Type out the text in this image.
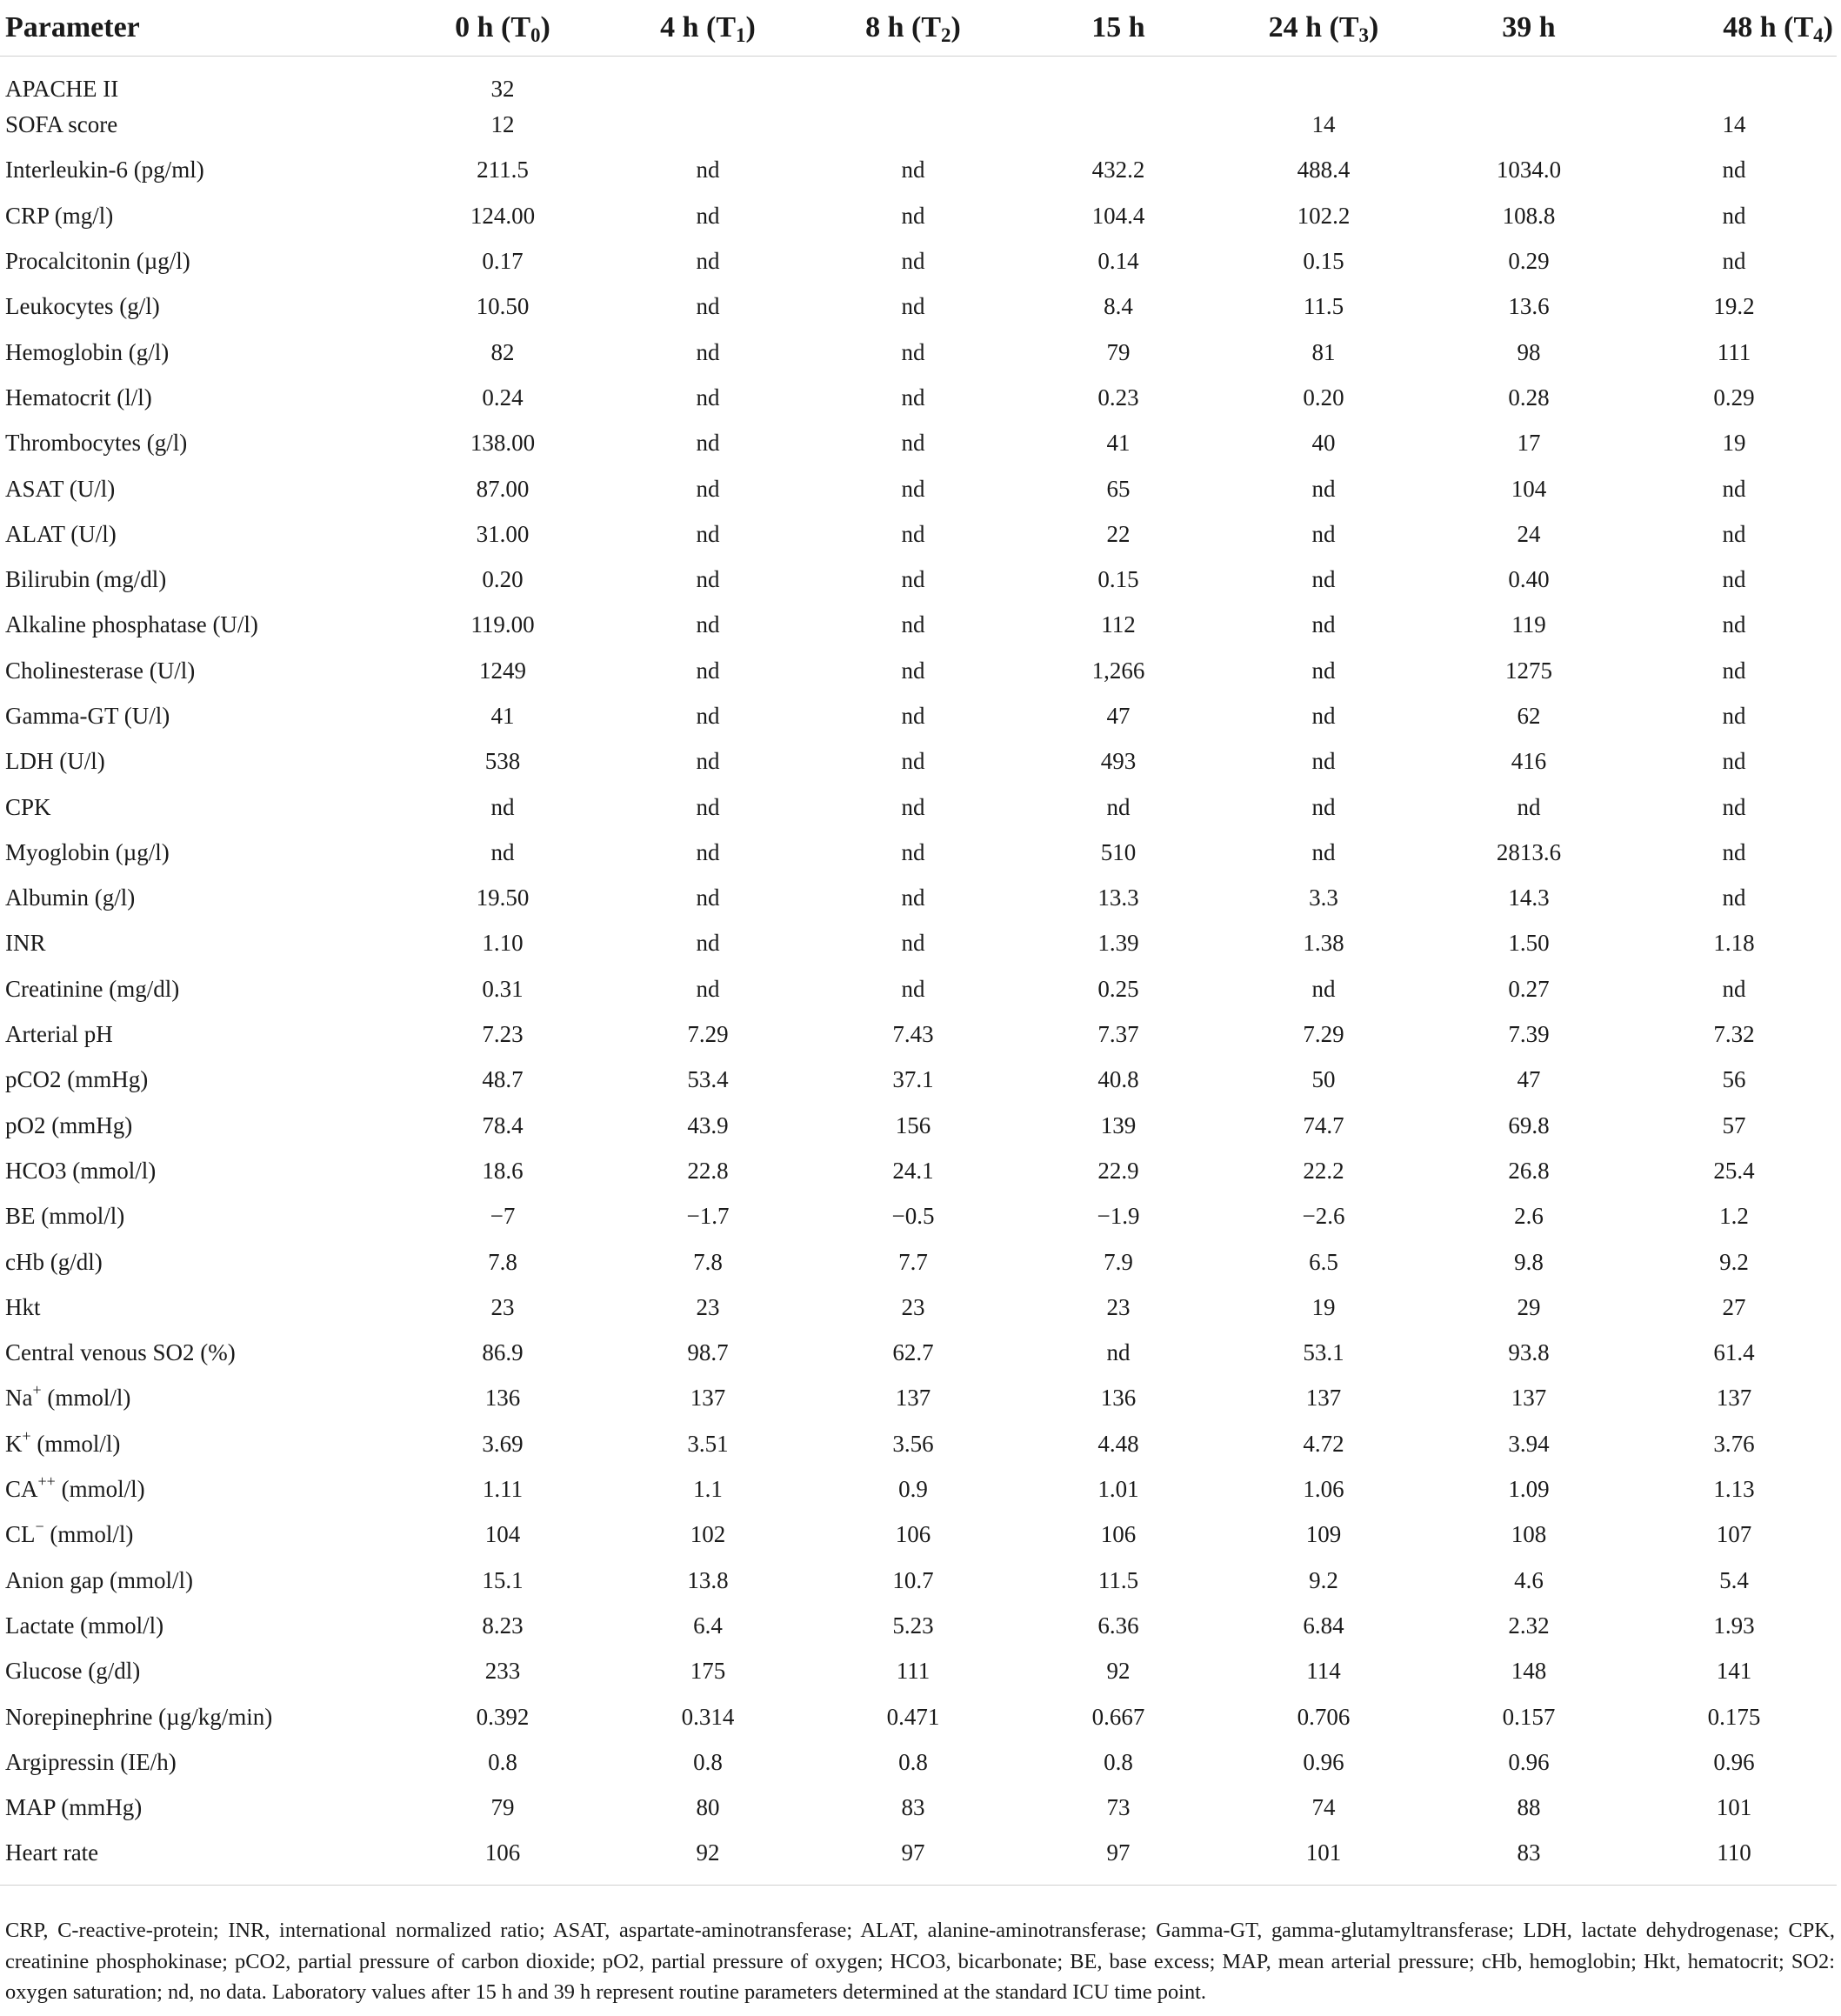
Parameter	0 h $(T_0)$	4 h $(T_1)$	8 h $(T_2)$	15 h	24 h $(T_3)$	39 h	48 h $(T_4)$
APACHE II	32						
SOFA score	12				14		14
Interleukin-6 (pg/ml)	211.5	nd	nd	432.2	488.4	1034.0	nd
CRP (mg/l)	124.00	nd	nd	104.4	102.2	108.8	nd
Procalcitonin (µg/l)	0.17	nd	nd	0.14	0.15	0.29	nd
Leukocytes (g/l)	10.50	nd	nd	8.4	11.5	13.6	19.2
Hemoglobin (g/l)	82	nd	nd	79	81	98	111
Hematocrit (l/l)	0.24	nd	nd	0.23	0.20	0.28	0.29
Thrombocytes (g/l)	138.00	nd	nd	41	40	17	19
ASAT (U/l)	87.00	nd	nd	65	nd	104	nd
ALAT (U/l)	31.00	nd	nd	22	nd	24	nd
Bilirubin (mg/dl)	0.20	nd	nd	0.15	nd	0.40	nd
Alkaline phosphatase (U/l)	119.00	nd	nd	112	nd	119	nd
Cholinesterase (U/l)	1249	nd	nd	1,266	nd	1275	nd
Gamma-GT (U/l)	41	nd	nd	47	nd	62	nd
LDH (U/l)	538	nd	nd	493	nd	416	nd
CPK	nd	nd	nd	nd	nd	nd	nd
Myoglobin (µg/l)	nd	nd	nd	510	nd	2813.6	nd
Albumin (g/l)	19.50	nd	nd	13.3	3.3	14.3	nd
INR	1.10	nd	nd	1.39	1.38	1.50	1.18
Creatinine (mg/dl)	0.31	nd	nd	0.25	nd	0.27	nd
Arterial pH	7.23	7.29	7.43	7.37	7.29	7.39	7.32
pCO2 (mmHg)	48.7	53.4	37.1	40.8	50	47	56
pO2 (mmHg)	78.4	43.9	156	139	74.7	69.8	57
HCO3 (mmol/l)	18.6	22.8	24.1	22.9	22.2	26.8	25.4
BE (mmol/l)	−7	−1.7	−0.5	−1.9	−2.6	2.6	1.2
cHb (g/dl)	7.8	7.8	7.7	7.9	6.5	9.8	9.2
Hkt	23	23	23	23	19	29	27
Central venous SO2 (%)	86.9	98.7	62.7	nd	53.1	93.8	61.4
Na+ (mmol/l)	136	137	137	136	137	137	137
K+ (mmol/l)	3.69	3.51	3.56	4.48	4.72	3.94	3.76
CA++ (mmol/l)	1.11	1.1	0.9	1.01	1.06	1.09	1.13
CL− (mmol/l)	104	102	106	106	109	108	107
Anion gap (mmol/l)	15.1	13.8	10.7	11.5	9.2	4.6	5.4
Lactate (mmol/l)	8.23	6.4	5.23	6.36	6.84	2.32	1.93
Glucose (g/dl)	233	175	111	92	114	148	141
Norepinephrine (µg/kg/min)	0.392	0.314	0.471	0.667	0.706	0.157	0.175
Argipressin (IE/h)	0.8	0.8	0.8	0.8	0.96	0.96	0.96
MAP (mmHg)	79	80	83	73	74	88	101
Heart rate	106	92	97	97	101	83	110
CRP, C-reactive-protein; INR, international normalized ratio; ASAT, aspartate-aminotransferase; ALAT, alanine-aminotransferase; Gamma-GT, gamma-glutamyltransferase; LDH, lactate dehydrogenase; CPK, creatinine phosphokinase; pCO2, partial pressure of carbon dioxide; pO2, partial pressure of oxygen; HCO3, bicarbonate; BE, base excess; MAP, mean arterial pressure; cHb, hemoglobin; Hkt, hematocrit; SO2: oxygen saturation; nd, no data. Laboratory values after 15 h and 39 h represent routine parameters determined at the standard ICU time point.
